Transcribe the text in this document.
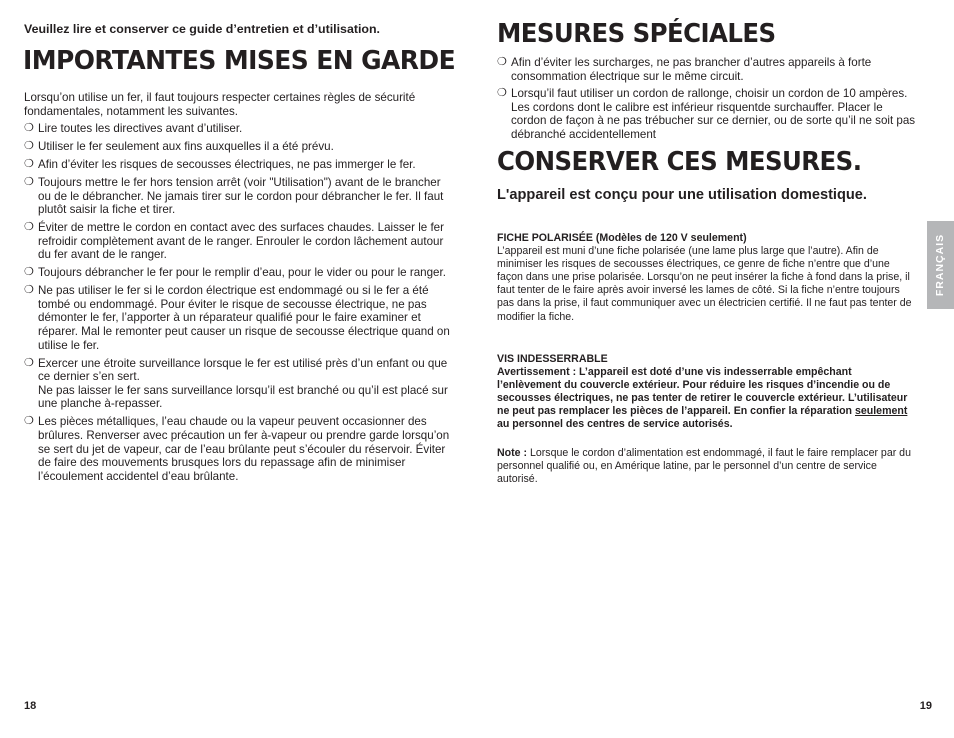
Veuillez lire et conserver ce guide d’entretien et d’utilisation.

IMPORTANTES MISES EN GARDE

Lorsqu’on utilise un fer, il faut toujours respecter certaines règles de sécurité fondamentales, notamment les suivantes.

❍ Lire toutes les directives avant d’utiliser.
❍ Utiliser le fer seulement aux fins auxquelles il a été prévu.
❍ Afin d’éviter les risques de secousses électriques, ne pas immerger le fer.
❍ Toujours mettre le fer hors tension arrêt (voir "Utilisation") avant de le brancher ou de le débrancher. Ne jamais tirer sur le cordon pour débrancher le fer. Il faut plutôt saisir la fiche et tirer.
❍ Éviter de mettre le cordon en contact avec des surfaces chaudes. Laisser le fer refroidir complètement avant de le ranger. Enrouler le cordon lâchement autour du fer avant de le ranger.
❍ Toujours débrancher le fer pour le remplir d’eau, pour le vider ou pour le ranger.
❍ Ne pas utiliser le fer si le cordon électrique est endommagé ou si le fer a été tombé ou endommagé. Pour éviter le risque de secousse électrique, ne pas démonter le fer, l’apporter à un réparateur qualifié pour le faire examiner et réparer. Mal le remonter peut causer un risque de secousse électrique quand on utilise le fer.
❍ Exercer une étroite surveillance lorsque le fer est utilisé près d’un enfant ou que ce dernier s’en sert.
Ne pas laisser le fer sans surveillance lorsqu’il est branché ou qu’il est placé sur une planche à-repasser.
❍ Les pièces métalliques, l’eau chaude ou la vapeur peuvent occasionner des brûlures. Renverser avec précaution un fer à-vapeur ou prendre garde lorsqu’on se sert du jet de vapeur, car de l’eau brûlante peut s’écouler du réservoir. Éviter de faire des mouvements brusques lors du repassage afin de minimiser l’écoulement accidentel d’eau brûlante.
18
MESURES SPÉCIALES
❍ Afin d’éviter les surcharges, ne pas brancher d’autres appareils à forte consommation électrique sur le même circuit.
❍ Lorsqu’il faut utiliser un cordon de rallonge, choisir un cordon de 10 ampères. Les cordons dont le calibre est inférieur risquentde surchauffer. Placer le cordon de façon à ne pas trébucher sur ce dernier, ou de sorte qu’il ne soit pas débranché accidentellement
CONSERVER CES MESURES.

L'appareil est conçu pour une utilisation domestique.

FICHE POLARISÉE (Modèles de 120 V seulement)
L’appareil est muni d’une fiche polarisée (une lame plus large que l’autre). Afin de minimiser les risques de secousses électriques, ce genre de fiche n’entre que d’une façon dans une prise polarisée. Lorsqu’on ne peut insérer la fiche à fond dans la prise, il faut tenter de le faire après avoir inversé les lames de côté. Si la fiche n’entre toujours pas dans la prise, il faut communiquer avec un électricien certifié. Il ne faut pas tenter de modifier la fiche.
VIS INDESSERRABLE
Avertissement : L’appareil est doté d’une vis indesserrable empêchant l’enlèvement du couvercle extérieur. Pour réduire les risques d’incendie ou de secousses électriques, ne pas tenter de retirer le couvercle extérieur. L’utilisateur ne peut pas remplacer les pièces de l’appareil. En confier la réparation seulement au personnel des centres de service autorisés.
Note : Lorsque le cordon d’alimentation est endommagé, il faut le faire remplacer par du personnel qualifié ou, en Amérique latine, par le personnel d’un centre de service autorisé.
19
FRANÇAIS
